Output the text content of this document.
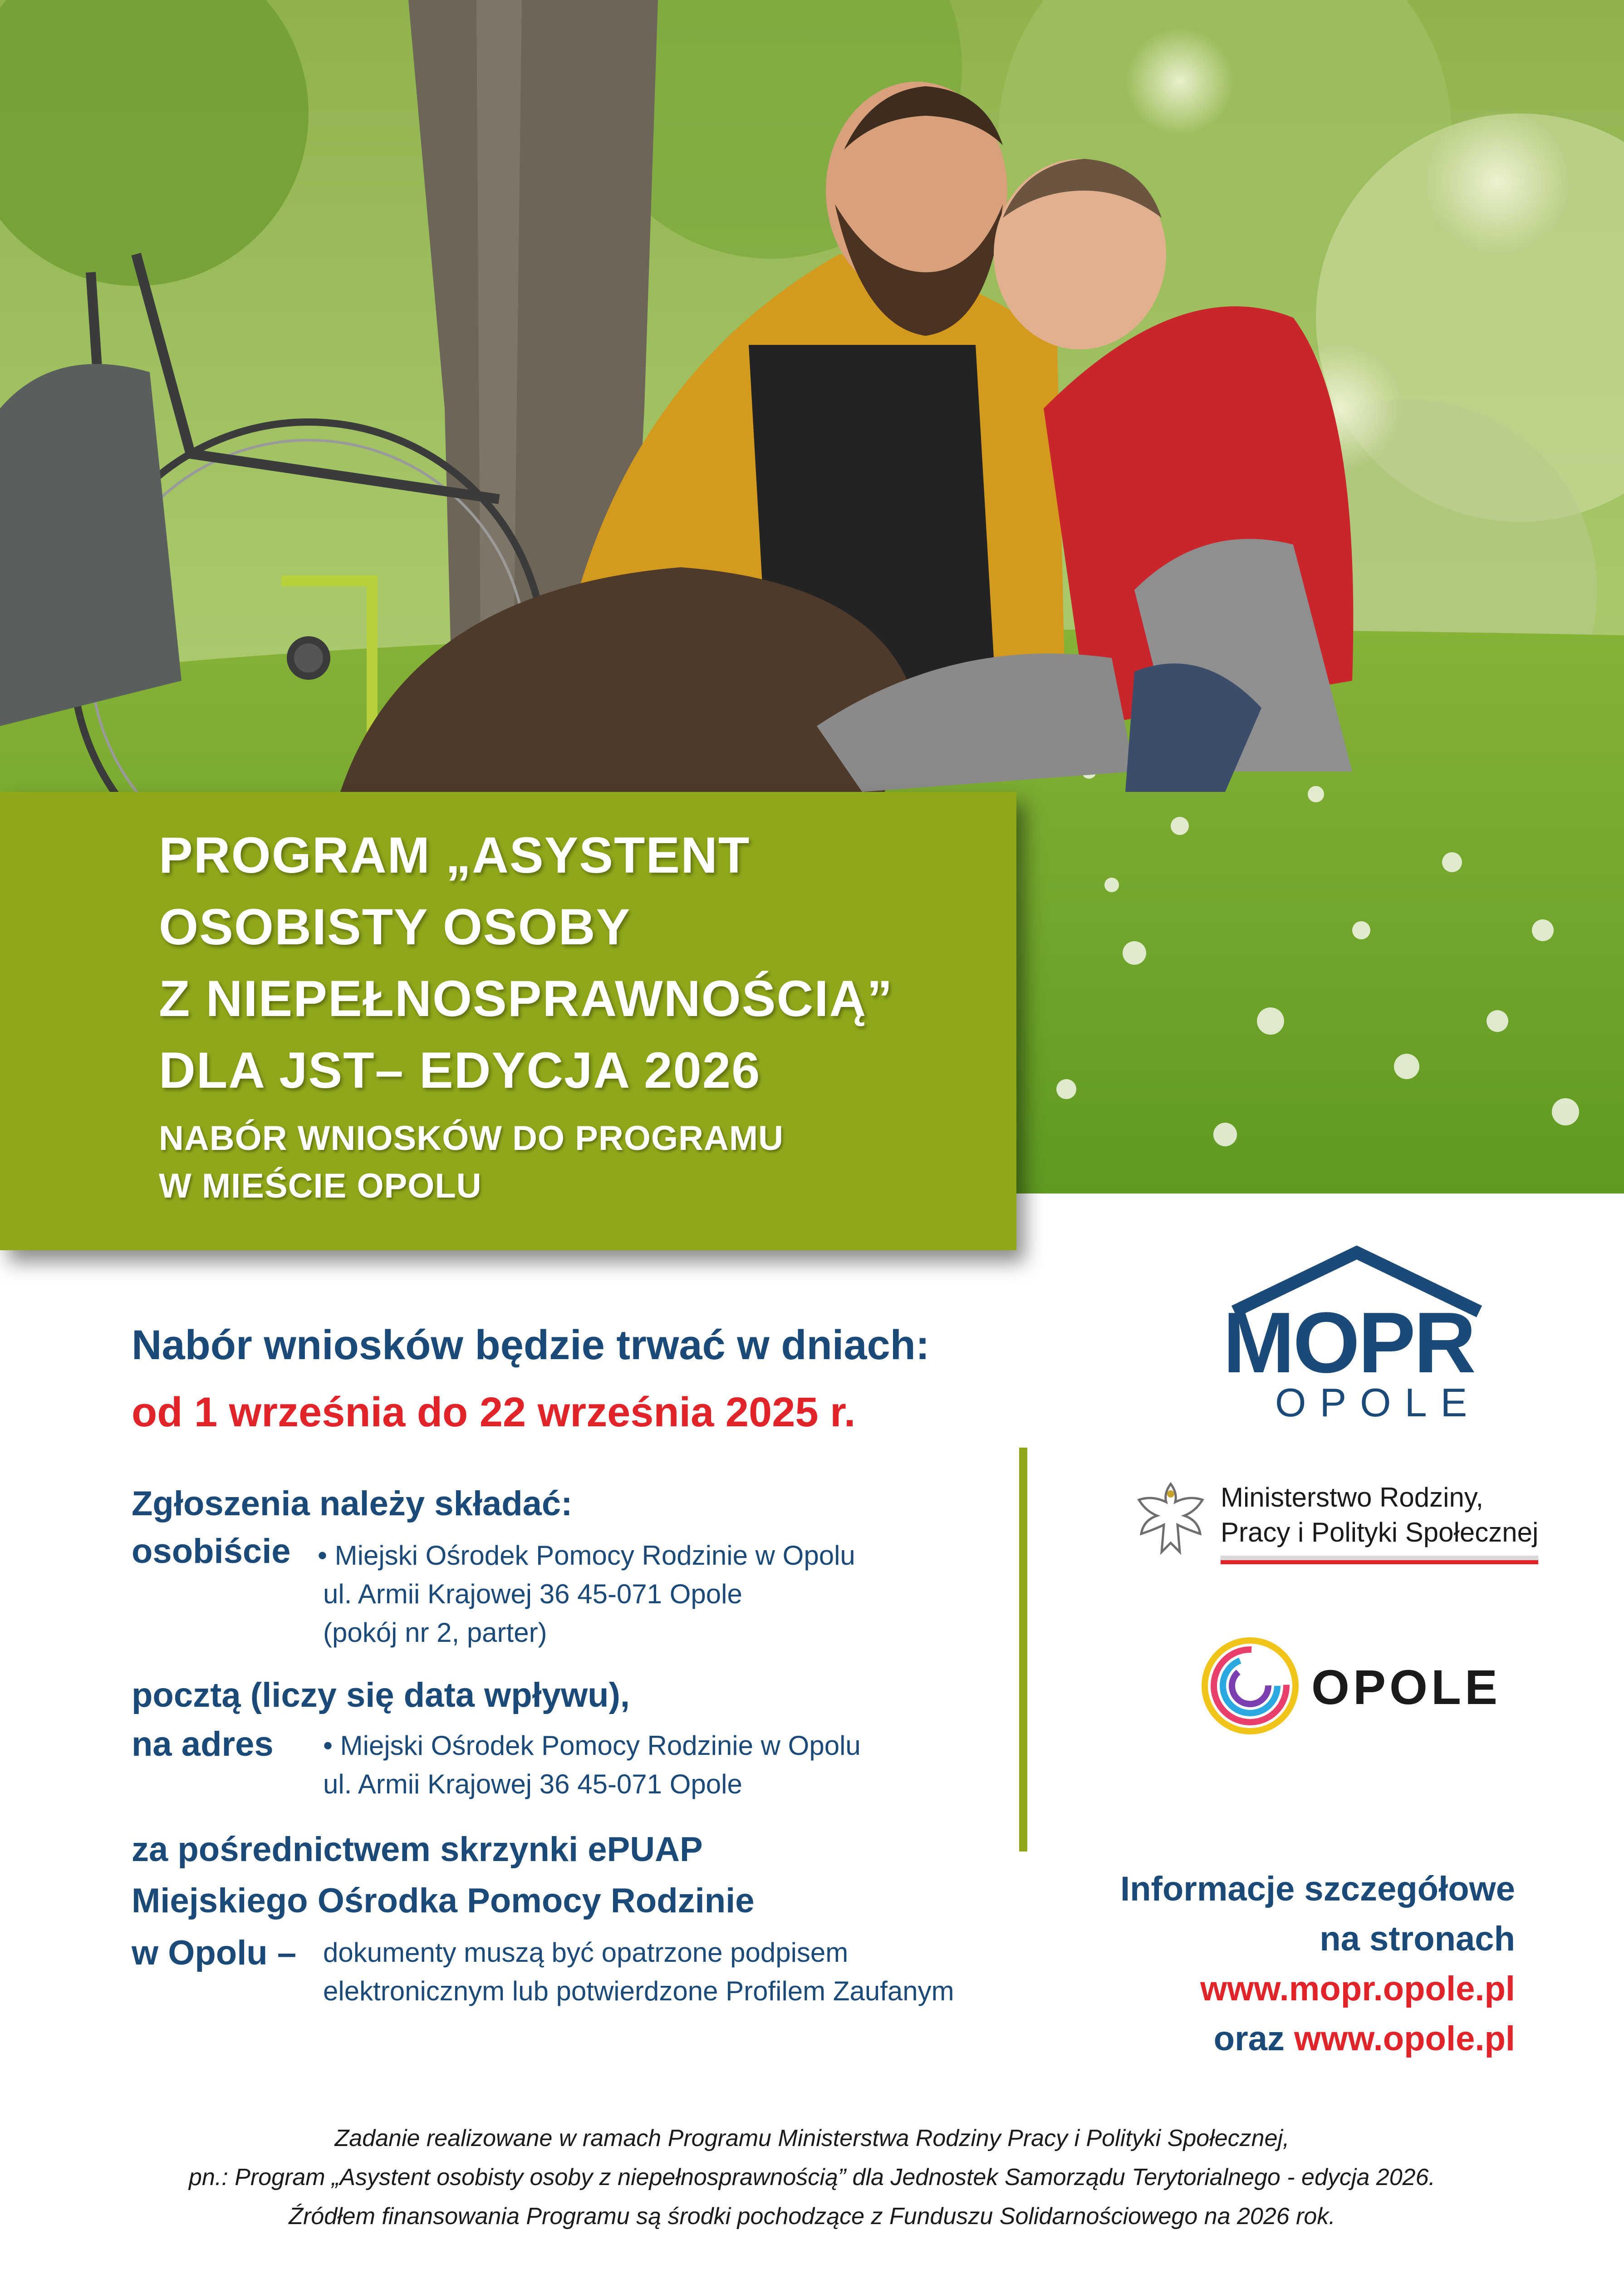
PROGRAM „ASYSTENT
OSOBISTY OSOBY
Z NIEPEŁNOSPRAWNOŚCIĄ”
DLA JST– EDYCJA 2026
NABÓR WNIOSKÓW DO PROGRAMU
W MIEŚCIE OPOLU
Nabór wniosków będzie trwać w dniach:
od 1 września do 22 września 2025 r.
Zgłoszenia należy składać:
osobiście • Miejski Ośrodek Pomocy Rodzinie w Opolu
ul. Armii Krajowej 36 45-071 Opole
(pokój nr 2, parter)
pocztą (liczy się data wpływu),
na adres • Miejski Ośrodek Pomocy Rodzinie w Opolu
ul. Armii Krajowej 36 45-071 Opole
za pośrednictwem skrzynki ePUAP
Miejskiego Ośrodka Pomocy Rodzinie
w Opolu – dokumenty muszą być opatrzone podpisem
elektronicznym lub potwierdzone Profilem Zaufanym
MOPR
OPOLE
Ministerstwo Rodziny,
Pracy i Polityki Społecznej
OPOLE
Informacje szczegółowe
na stronach
www.mopr.opole.pl
oraz www.opole.pl
Zadanie realizowane w ramach Programu Ministerstwa Rodziny Pracy i Polityki Społecznej,
pn.: Program „Asystent osobisty osoby z niepełnosprawnością” dla Jednostek Samorządu Terytorialnego - edycja 2026.
Źródłem finansowania Programu są środki pochodzące z Funduszu Solidarnościowego na 2026 rok.
